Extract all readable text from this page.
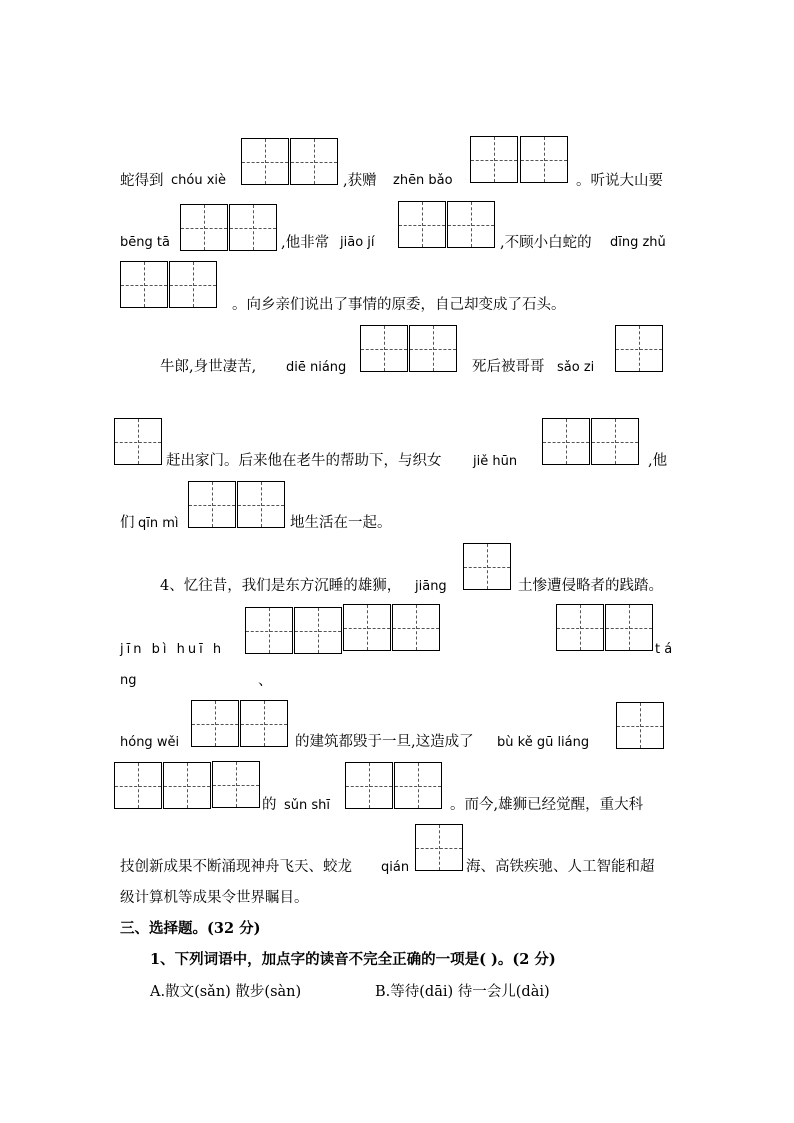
蛇得到 chóu xiè	,获赠 zhēn bǎo	。听说大山要
bēng tā	,他非常 jiāo jí	,不顾小白蛇的 dīng zhǔ
。向乡亲们说出了事情的原委，自己却变成了石头。
牛郎,身世凄苦, diē niáng	死后被哥哥 sǎo zi
赶出家门。后来他在老牛的帮助下，与织女 jiě hūn	,他
们 qīn mì	地生活在一起。
4、忆往昔，我们是东方沉睡的雄狮， jiāng	土惨遭侵略者的践踏。
jīn bì huī h	t á
ng	、
hóng wěi	的建筑都毁于一旦,这造成了 bù kě gū liáng
的 sǔn shī	。而今,雄狮已经觉醒，重大科
技创新成果不断涌现神舟飞天、蛟龙 qián	海、高铁疾驰、人工智能和超
级计算机等成果令世界瞩目。
三、选择题。(32 分)
1、下列词语中，加点字的读音不完全正确的一项是( )。(2 分)
A.散文(sǎn) 散步(sàn)	B.等待(dāi) 待一会儿(dài)
